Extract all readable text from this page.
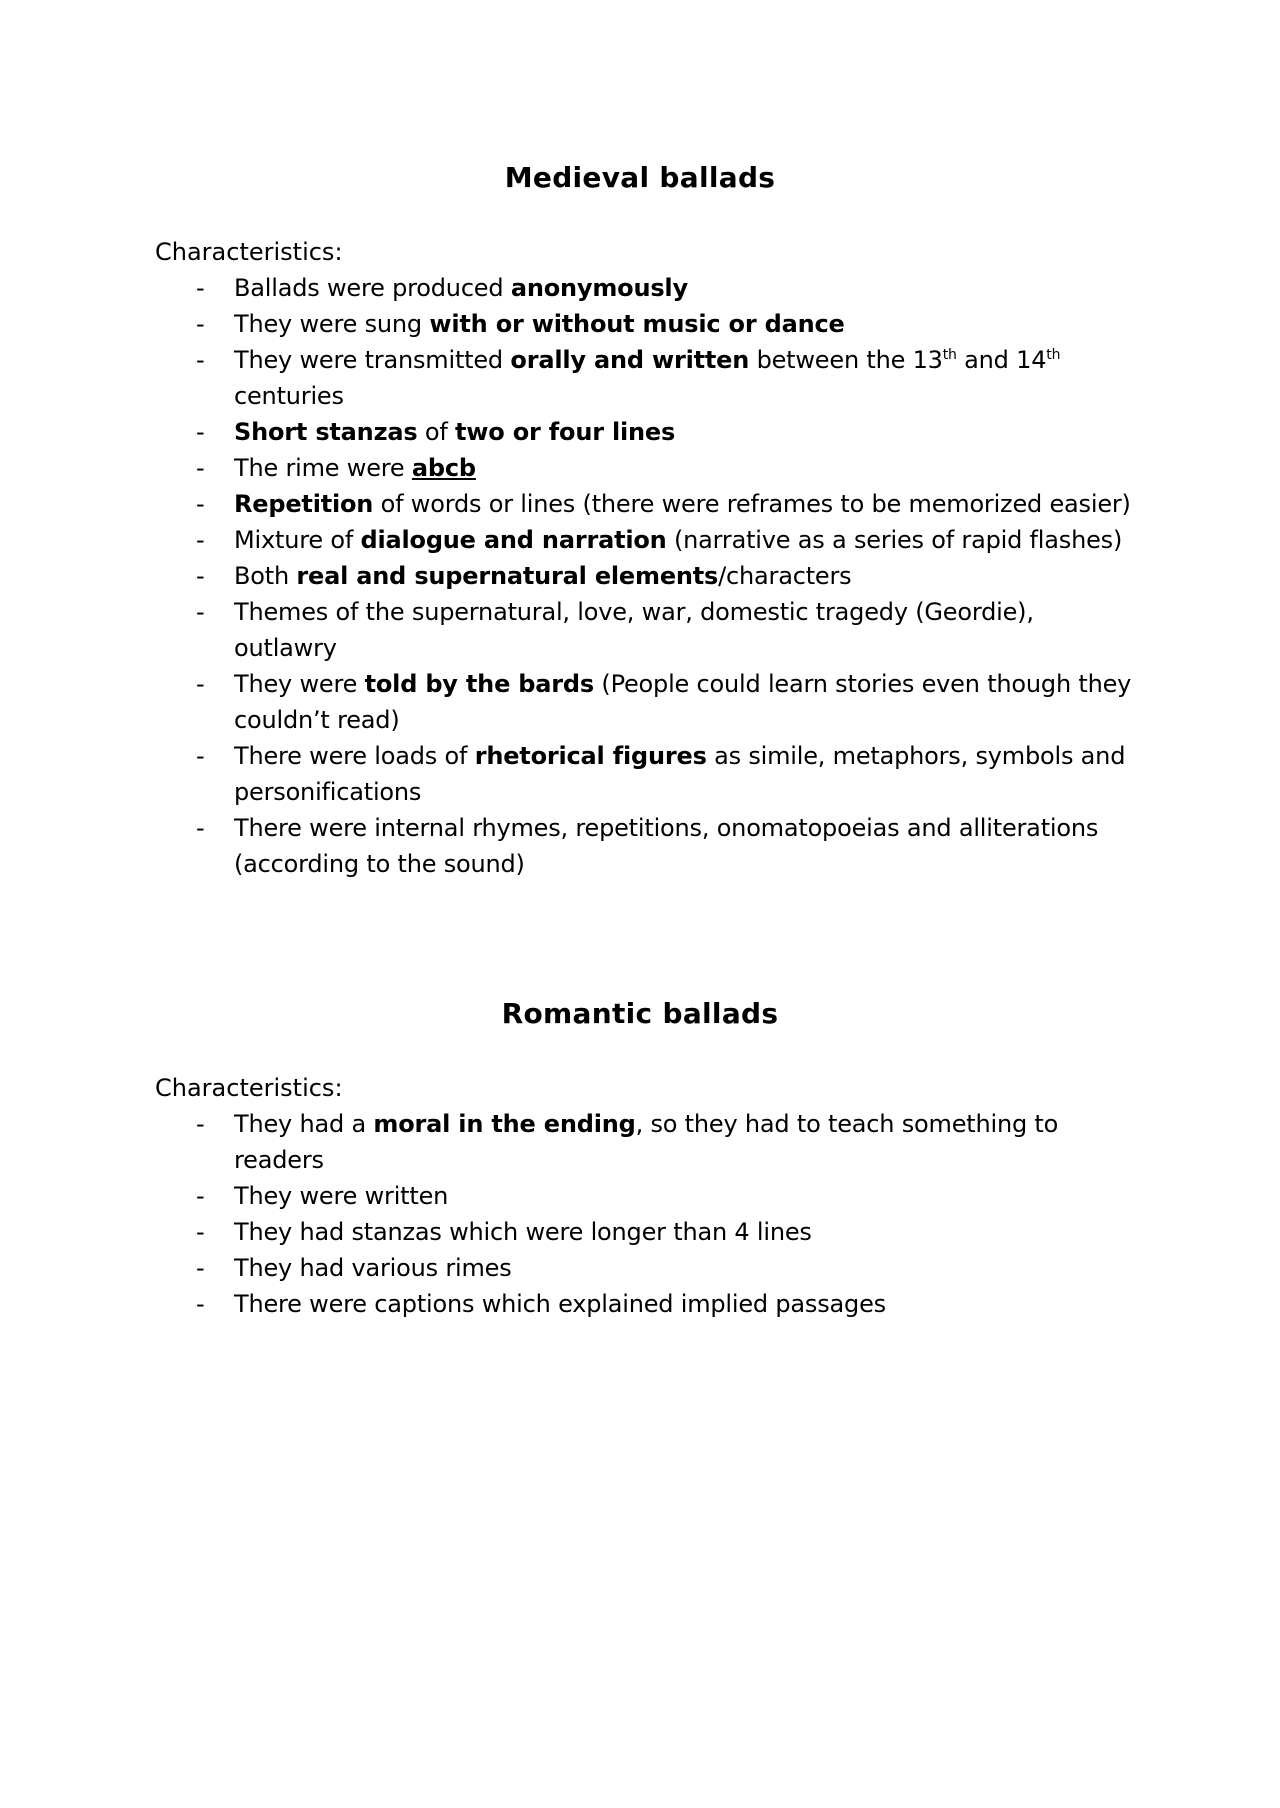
Medieval ballads

Characteristics:

- Ballads were produced anonymously
- They were sung with or without music or dance
- They were transmitted orally and written between the 13th and 14th centuries
- Short stanzas of two or four lines
- The rime were abcb
- Repetition of words or lines (there were reframes to be memorized easier)
- Mixture of dialogue and narration (narrative as a series of rapid flashes)
- Both real and supernatural elements/characters
- Themes of the supernatural, love, war, domestic tragedy (Geordie), outlawry
- They were told by the bards (People could learn stories even though they couldn’t read)
- There were loads of rhetorical figures as simile, metaphors, symbols and personifications
- There were internal rhymes, repetitions, onomatopoeias and alliterations (according to the sound)
Romantic ballads

Characteristics:

- They had a moral in the ending, so they had to teach something to readers
- They were written
- They had stanzas which were longer than 4 lines
- They had various rimes
- There were captions which explained implied passages
